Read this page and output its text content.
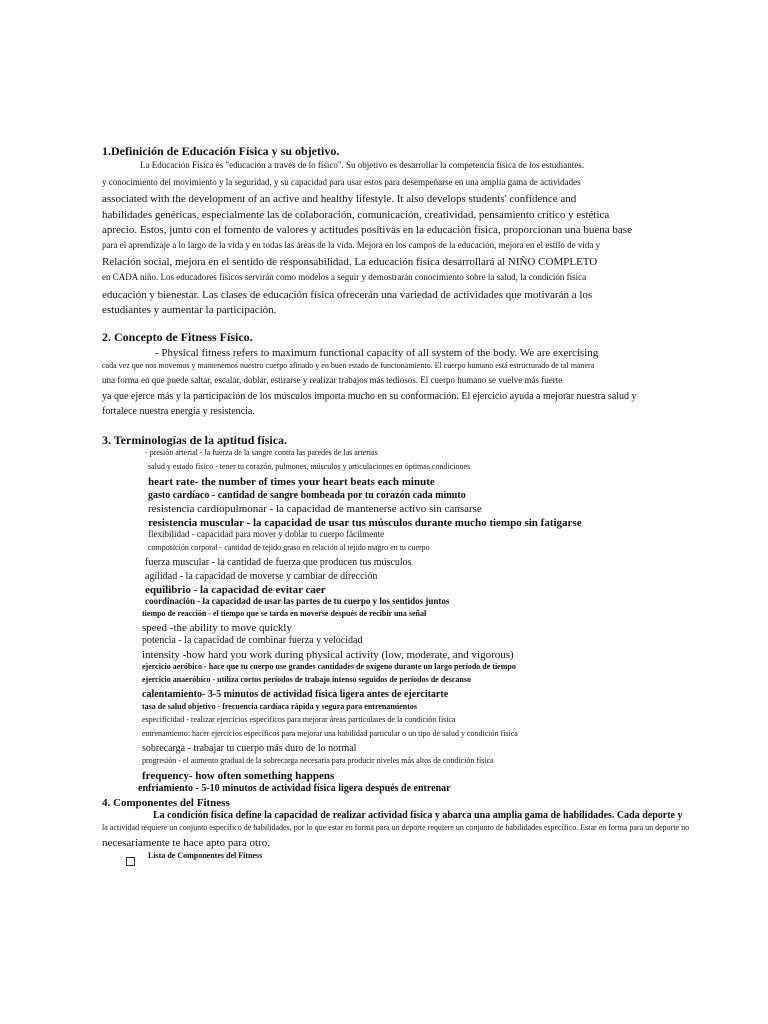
1.Definición de Educación Física y su objetivo.
La Educación Física es "educación a través de lo físico". Su objetivo es desarrollar la competencia física de los estudiantes.
y conocimiento del movimiento y la seguridad, y su capacidad para usar estos para desempeñarse en una amplia gama de actividades
associated with the development of an active and healthy lifestyle. It also develops students' confidence and
habilidades genéricas, especialmente las de colaboración, comunicación, creatividad, pensamiento crítico y estética
aprecio. Estos, junto con el fomento de valores y actitudes positivas en la educación física, proporcionan una buena base
para el aprendizaje a lo largo de la vida y en todas las áreas de la vida. Mejora en los campos de la educación, mejora en el estilo de vida y
Relación social, mejora en el sentido de responsabilidad. La educación física desarrollará al NIÑO COMPLETO
en CADA niño. Los educadores físicos servirán como modelos a seguir y demostrarán conocimiento sobre la salud, la condición física
educación y bienestar. Las clases de educación física ofrecerán una variedad de actividades que motivarán a los
estudiantes y aumentar la participación.
2. Concepto de Fitness Físico.
- Physical fitness refers to maximum functional capacity of all system of the body. We are exercising
cada vez que nos movemos y mantenemos nuestro cuerpo afinado y en buen estado de funcionamiento. El cuerpo humano está estructurado de tal manera
una forma en que puede saltar, escalar, doblar, estirarse y realizar trabajos más tediosos. El cuerpo humano se vuelve más fuerte
ya que ejerce más y la participación de los músculos importa mucho en su conformación. El ejercicio ayuda a mejorar nuestra salud y
fortalece nuestra energía y resistencia.
3. Terminologías de la aptitud física.
- presión arterial - la fuerza de la sangre contra las paredes de las arterias
salud y estado físico - tener tu corazón, pulmones, músculos y articulaciones en óptimas condiciones
heart rate- the number of times your heart beats each minute
gasto cardíaco - cantidad de sangre bombeada por tu corazón cada minuto
resistencia cardiopulmonar - la capacidad de mantenerse activo sin cansarse
resistencia muscular - la capacidad de usar tus músculos durante mucho tiempo sin fatigarse
flexibilidad - capacidad para mover y doblar tu cuerpo fácilmente
composición corporal - cantidad de tejido graso en relación al tejido magro en tu cuerpo
fuerza muscular - la cantidad de fuerza que producen tus músculos
agilidad - la capacidad de moverse y cambiar de dirección
equilibrio - la capacidad de evitar caer
coordinación - la capacidad de usar las partes de tu cuerpo y los sentidos juntos
tiempo de reacción - el tiempo que se tarda en moverse después de recibir una señal
speed -the ability to move quickly
potencia - la capacidad de combinar fuerza y velocidad
intensity -how hard you work during physical activity (low, moderate, and vigorous)
ejercicio aeróbico - hace que tu cuerpo use grandes cantidades de oxígeno durante un largo período de tiempo
ejercicio anaeróbico - utiliza cortos períodos de trabajo intenso seguidos de períodos de descanso
calentamiento- 3-5 minutos de actividad física ligera antes de ejercitarte
tasa de salud objetivo - frecuencia cardíaca rápida y segura para entrenamientos
especificidad - realizar ejercicios específicos para mejorar áreas particulares de la condición física
entrenamiento: hacer ejercicios específicos para mejorar una habilidad particular o un tipo de salud y condición física
sobrecarga - trabajar tu cuerpo más duro de lo normal
progresión - el aumento gradual de la sobrecarga necesaria para producir niveles más altos de condición física
frequency- how often something happens
enfriamiento - 5-10 minutos de actividad física ligera después de entrenar
4. Componentes del Fitness
La condición física define la capacidad de realizar actividad física y abarca una amplia gama de habilidades. Cada deporte y
la actividad requiere un conjunto específico de habilidades, por lo que estar en forma para un deporte requiere un conjunto de habilidades específico. Estar en forma para un deporte no
necesariamente te hace apto para otro.
Lista de Componentes del Fitness
